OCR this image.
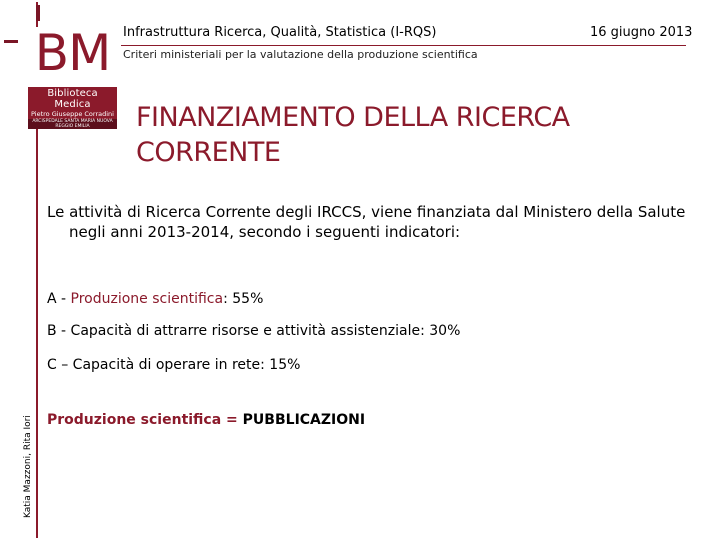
BM
Biblioteca Medica
Pietro Giuseppe Corradini
ARCISPEDALE SANTA MARIA NUOVA REGGIO EMILIA
Infrastruttura Ricerca, Qualità, Statistica (I-RQS)	16 giugno 2013
Criteri ministeriali per la valutazione della produzione scientifica
FINANZIAMENTO DELLA RICERCA CORRENTE
Le attività di Ricerca Corrente degli IRCCS, viene finanziata dal Ministero della Salute
negli anni 2013-2014, secondo i seguenti indicatori:
A - Produzione scientifica: 55%
B - Capacità di attrarre risorse e attività assistenziale: 30%
C – Capacità di operare in rete: 15%
Produzione scientifica = PUBBLICAZIONI
Katia Mazzoni, Rita Iori
